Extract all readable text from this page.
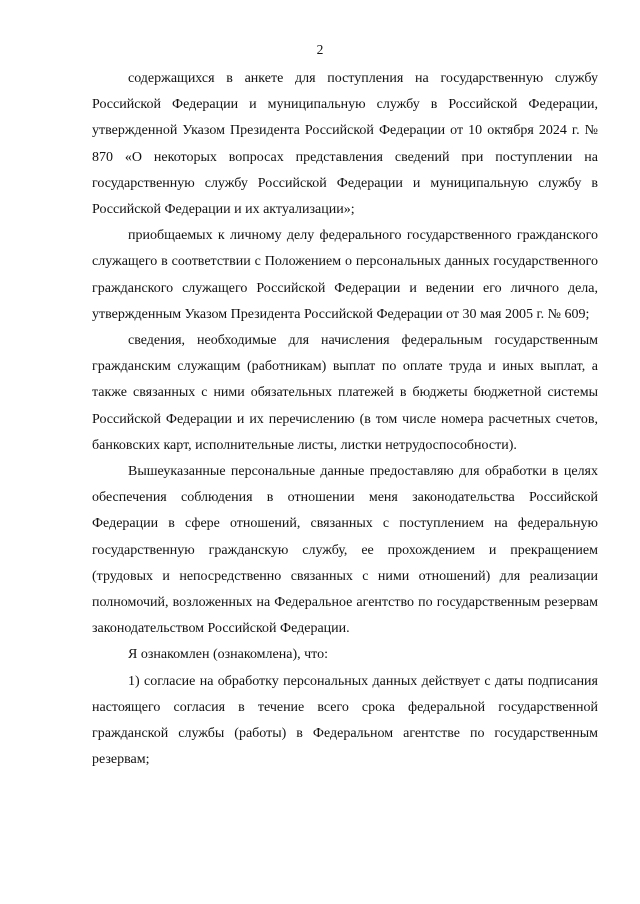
2

содержащихся в анкете для поступления на государственную службу Российской Федерации и муниципальную службу в Российской Федерации, утвержденной Указом Президента Российской Федерации от 10 октября 2024 г. № 870 «О некоторых вопросах представления сведений при поступлении на государственную службу Российской Федерации и муниципальную службу в Российской Федерации и их актуализации»;

приобщаемых к личному делу федерального государственного гражданского служащего в соответствии с Положением о персональных данных государственного гражданского служащего Российской Федерации и ведении его личного дела, утвержденным Указом Президента Российской Федерации от 30 мая 2005 г. № 609;

сведения, необходимые для начисления федеральным государственным гражданским служащим (работникам) выплат по оплате труда и иных выплат, а также связанных с ними обязательных платежей в бюджеты бюджетной системы Российской Федерации и их перечислению (в том числе номера расчетных счетов, банковских карт, исполнительные листы, листки нетрудоспособности).

Вышеуказанные персональные данные предоставляю для обработки в целях обеспечения соблюдения в отношении меня законодательства Российской Федерации в сфере отношений, связанных с поступлением на федеральную государственную гражданскую службу, ее прохождением и прекращением (трудовых и непосредственно связанных с ними отношений) для реализации полномочий, возложенных на Федеральное агентство по государственным резервам законодательством Российской Федерации.

Я ознакомлен (ознакомлена), что:

1) согласие на обработку персональных данных действует с даты подписания настоящего согласия в течение всего срока федеральной государственной гражданской службы (работы) в Федеральном агентстве по государственным резервам;
